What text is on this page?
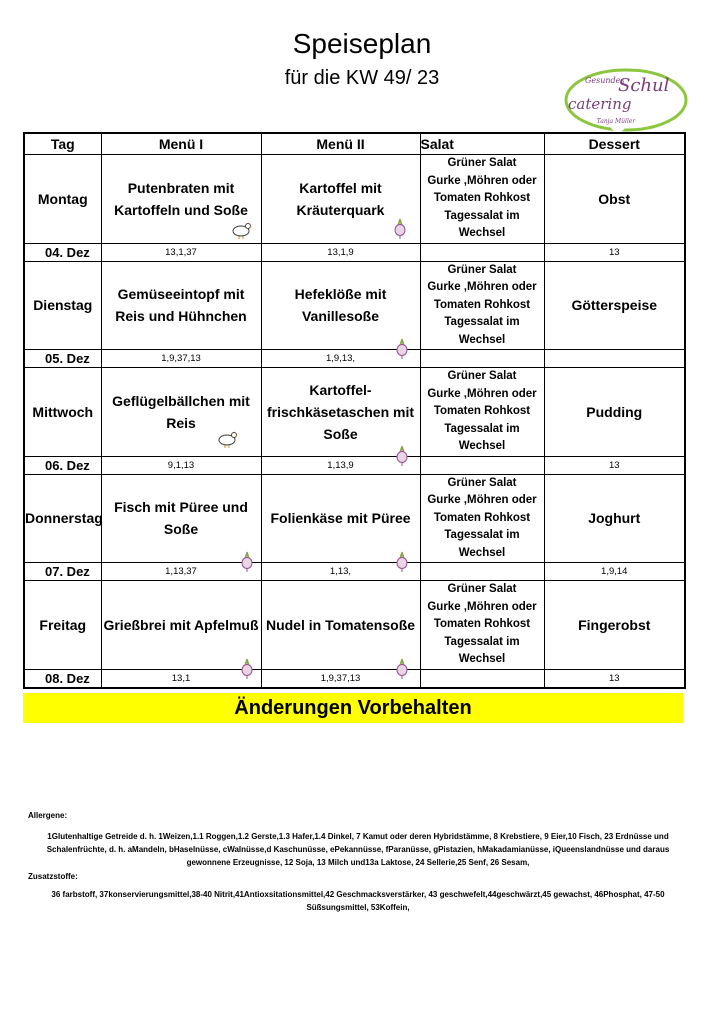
Speiseplan
für die KW 49/ 23	Gesundes
Schul
catering
Tanja Müller
Tag	Menü I	Menü II	Salat	Dessert
Montag	Putenbraten mit Kartoffeln und Soße	Kartoffel mit Kräuterquark	Grüner Salat
Gurke ,Möhren oder
Tomaten Rohkost
Tagessalat im
Wechsel	Obst
04. Dez	13,1,37	13,1,9		13
Dienstag	Gemüseeintopf mit Reis und Hühnchen	Hefeklöße mit Vanillesoße	Grüner Salat
Gurke ,Möhren oder
Tomaten Rohkost
Tagessalat im
Wechsel	Götterspeise
05. Dez	1,9,37,13	1,9,13,		
Mittwoch	Geflügelbällchen mit Reis	Kartoffel- frischkäsetaschen mit Soße	Grüner Salat
Gurke ,Möhren oder
Tomaten Rohkost
Tagessalat im
Wechsel	Pudding
06. Dez	9,1,13	1,13,9		13
Donnerstag	Fisch mit Püree und Soße	Folienkäse mit Püree	Grüner Salat
Gurke ,Möhren oder
Tomaten Rohkost
Tagessalat im
Wechsel	Joghurt
07. Dez	1,13,37	1,13,		1,9,14
Freitag	Grießbrei mit Apfelmuß	Nudel in Tomatensoße	Grüner Salat
Gurke ,Möhren oder
Tomaten Rohkost
Tagessalat im
Wechsel	Fingerobst
08. Dez	13,1	1,9,37,13		13
Änderungen Vorbehalten
Allergene:
1Glutenhaltige Getreide d. h. 1Weizen,1.1 Roggen,1.2 Gerste,1.3 Hafer,1.4 Dinkel, 7 Kamut oder deren Hybridstämme, 8 Krebstiere, 9 Eier,10 Fisch, 23 Erdnüsse und Schalenfrüchte, d. h. aMandeln, bHaselnüsse, cWalnüsse,d Kaschunüsse, ePekannüsse, fParanüsse, gPistazien, hMakadamianüsse, iQueenslandnüsse und daraus gewonnene Erzeugnisse, 12 Soja, 13 Milch und13a Laktose, 24 Sellerie,25 Senf, 26 Sesam,
Zusatzstoffe:
36 farbstoff, 37konservierungsmittel,38-40 Nitrit,41Antioxsitationsmittel,42 Geschmacksverstärker, 43 geschwefelt,44geschwärzt,45 gewachst, 46Phosphat, 47-50 Süßsungsmittel, 53Koffein,
